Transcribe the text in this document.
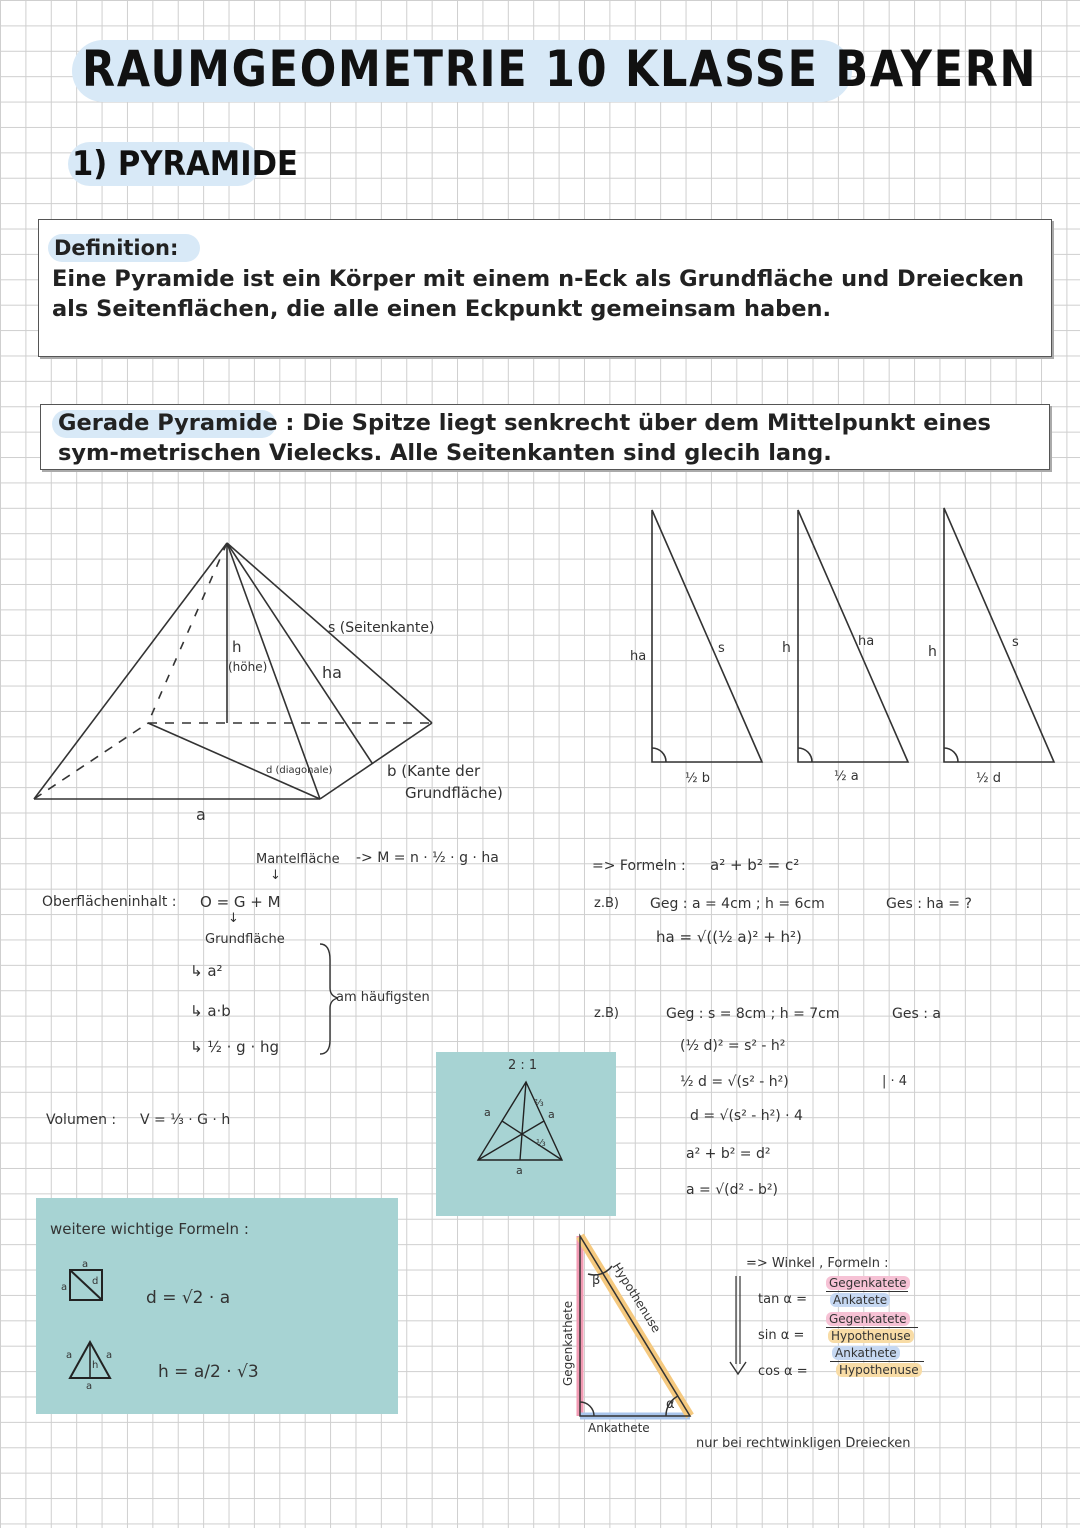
RAUMGEOMETRIE 10 KLASSE BAYERN
1) PYRAMIDE
Definition:
Eine Pyramide ist ein Körper mit einem n-Eck als Grundfläche und Dreiecken als Seitenflächen, die alle einen Eckpunkt gemeinsam haben.
Gerade Pyramide : Die Spitze liegt senkrecht über dem Mittelpunkt eines sym-metrischen Vielecks. Alle Seitenkanten sind glecih lang.
s (Seitenkante)
h
(höhe)	ha
d (diagonale)	b (Kante der
Grundfläche)
a
ha
s
½ b
h	ha
½ a
h
s
½ d
Mantelfläche -> M = n · ½ · g · ha
↓
Oberflächeninhalt : O = G + M
↓
Grundfläche
↳ a²
↳ a·b
↳ ½ · g · hg
am häufigsten
Volumen : V = ⅓ · G · h
weitere wichtige Formeln :
a
a
d
d = √2 · a
h
a	a
a
h = a/2 · √3
2 : 1
a	a
a
⅔
⅓
=> Formeln : a² + b² = c²
z.B) Geg : a = 4cm ; h = 6cm	Ges : ha = ?
ha = √((½ a)² + h²)
z.B)	Geg : s = 8cm ; h = 7cm	Ges : a
(½ d)² = s² - h²
½ d = √(s² - h²)	| · 4
d = √(s² - h²) · 4
a² + b² = d²
a = √(d² - b²)
β
α
Gegenkathete
Hypothenuse
Ankathete
=> Winkel , Formeln :
tan α =
Gegenkatete
Ankatete
sin α =
Gegenkatete
Hypothenuse
cos α =
Ankathete
Hypothenuse
nur bei rechtwinkligen Dreiecken
